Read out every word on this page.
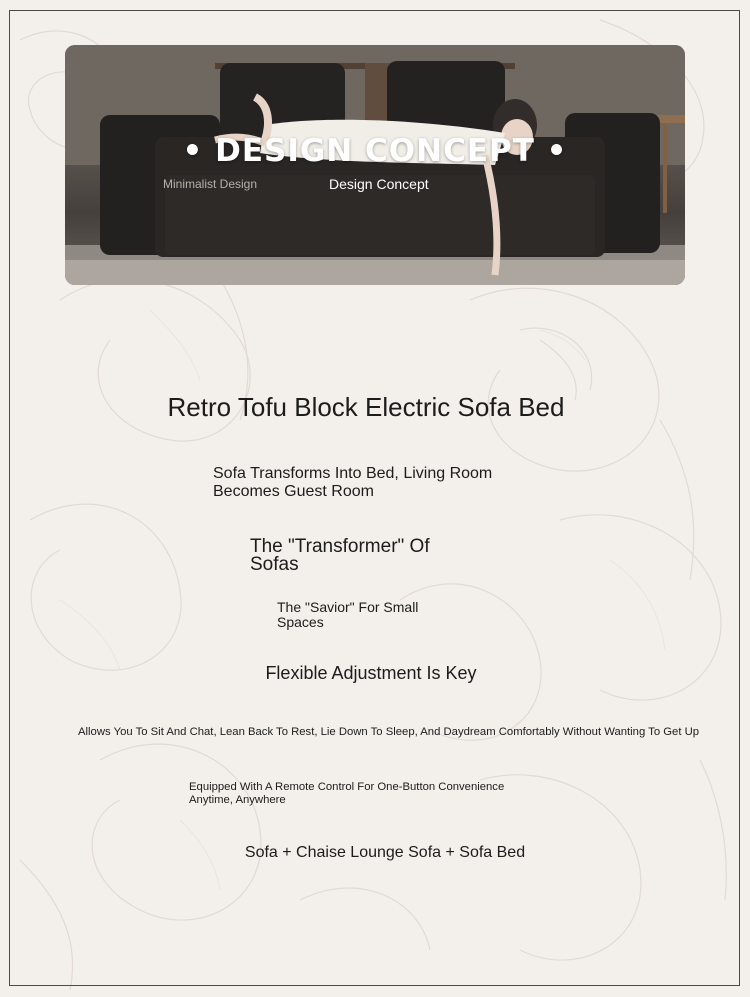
• DESIGN CONCEPT •
Minimalist Design	Design Concept
Retro Tofu Block Electric Sofa Bed
Sofa Transforms Into Bed, Living Room Becomes Guest Room
The "Transformer" Of Sofas
The "Savior" For Small Spaces
Flexible Adjustment Is Key
Allows You To Sit And Chat, Lean Back To Rest, Lie Down To Sleep, And Daydream Comfortably Without Wanting To Get Up
Equipped With A Remote Control For One-Button Convenience Anytime, Anywhere
Sofa + Chaise Lounge Sofa + Sofa Bed
